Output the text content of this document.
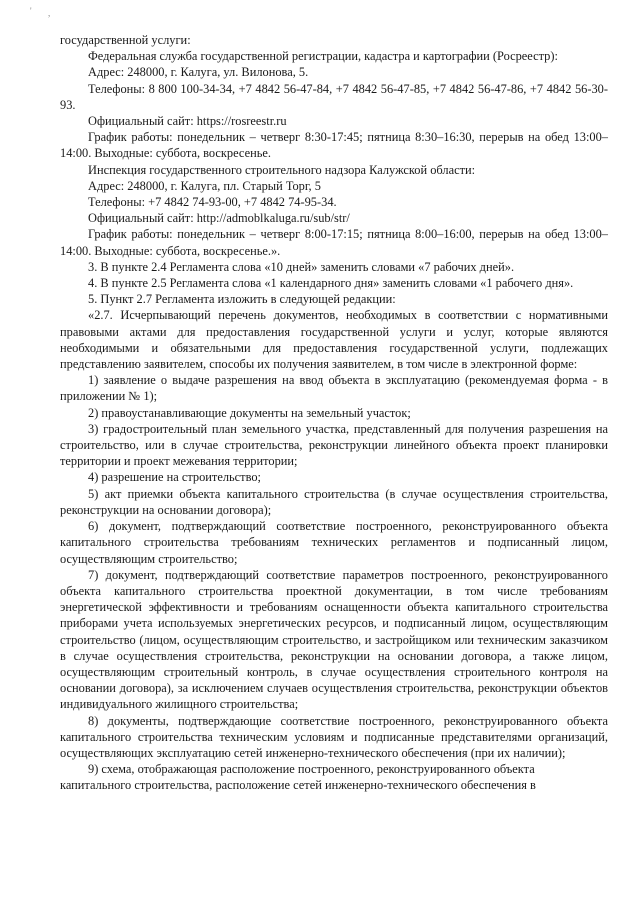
' ,

государственной услуги:

Федеральная служба государственной регистрации, кадастра и картографии (Росреестр):

Адрес: 248000, г. Калуга, ул. Вилонова, 5.

Телефоны: 8 800 100-34-34, +7 4842 56-47-84, +7 4842 56-47-85, +7 4842 56-47-86, +7 4842 56-30-93.

Официальный сайт: https://rosreestr.ru

График работы: понедельник – четверг 8:30-17:45; пятница 8:30–16:30, перерыв на обед 13:00–14:00. Выходные: суббота, воскресенье.

Инспекция государственного строительного надзора Калужской области:

Адрес: 248000, г. Калуга, пл. Старый Торг, 5

Телефоны: +7 4842 74-93-00, +7 4842 74-95-34.

Официальный сайт: http://admoblkaluga.ru/sub/str/

График работы: понедельник – четверг 8:00-17:15; пятница 8:00–16:00, перерыв на обед 13:00–14:00. Выходные: суббота, воскресенье.».

3. В пункте 2.4 Регламента слова «10 дней» заменить словами «7 рабочих дней».

4. В пункте 2.5 Регламента слова «1 календарного дня» заменить словами «1 рабочего дня».

5. Пункт 2.7 Регламента изложить в следующей редакции:

«2.7. Исчерпывающий перечень документов, необходимых в соответствии с нормативными правовыми актами для предоставления государственной услуги и услуг, которые являются необходимыми и обязательными для предоставления государственной услуги, подлежащих представлению заявителем, способы их получения заявителем, в том числе в электронной форме:

1) заявление о выдаче разрешения на ввод объекта в эксплуатацию (рекомендуемая форма - в приложении № 1);

2) правоустанавливающие документы на земельный участок;

3) градостроительный план земельного участка, представленный для получения разрешения на строительство, или в случае строительства, реконструкции линейного объекта проект планировки территории и проект межевания территории;

4) разрешение на строительство;

5) акт приемки объекта капитального строительства (в случае осуществления строительства, реконструкции на основании договора);

6) документ, подтверждающий соответствие построенного, реконструированного объекта капитального строительства требованиям технических регламентов и подписанный лицом, осуществляющим строительство;

7) документ, подтверждающий соответствие параметров построенного, реконструированного объекта капитального строительства проектной документации, в том числе требованиям энергетической эффективности и требованиям оснащенности объекта капитального строительства приборами учета используемых энергетических ресурсов, и подписанный лицом, осуществляющим строительство (лицом, осуществляющим строительство, и застройщиком или техническим заказчиком в случае осуществления строительства, реконструкции на основании договора, а также лицом, осуществляющим строительный контроль, в случае осуществления строительного контроля на основании договора), за исключением случаев осуществления строительства, реконструкции объектов индивидуального жилищного строительства;

8) документы, подтверждающие соответствие построенного, реконструированного объекта капитального строительства техническим условиям и подписанные представителями организаций, осуществляющих эксплуатацию сетей инженерно-технического обеспечения (при их наличии);

9) схема, отображающая расположение построенного, реконструированного объекта капитального строительства, расположение сетей инженерно-технического обеспечения в
